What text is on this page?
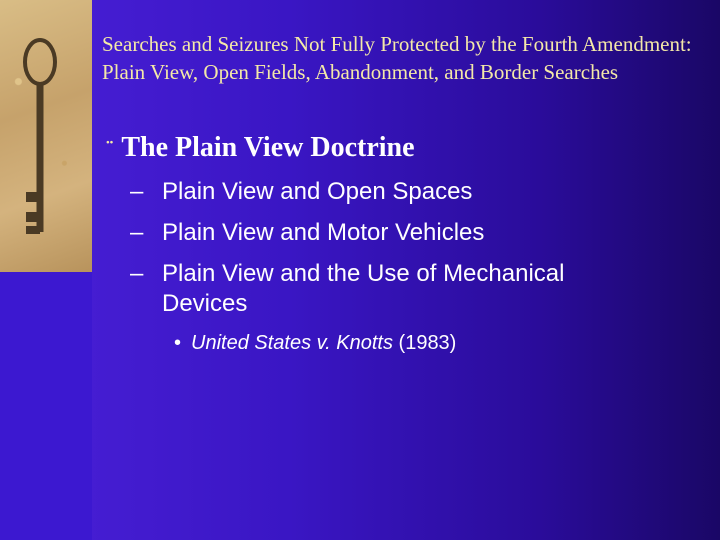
Searches and Seizures Not Fully Protected by the Fourth Amendment: Plain View, Open Fields, Abandonment, and Border Searches
¨ The Plain View Doctrine
– Plain View and Open Spaces
– Plain View and Motor Vehicles
– Plain View and the Use of Mechanical
Devices
• United States v. Knotts (1983)
